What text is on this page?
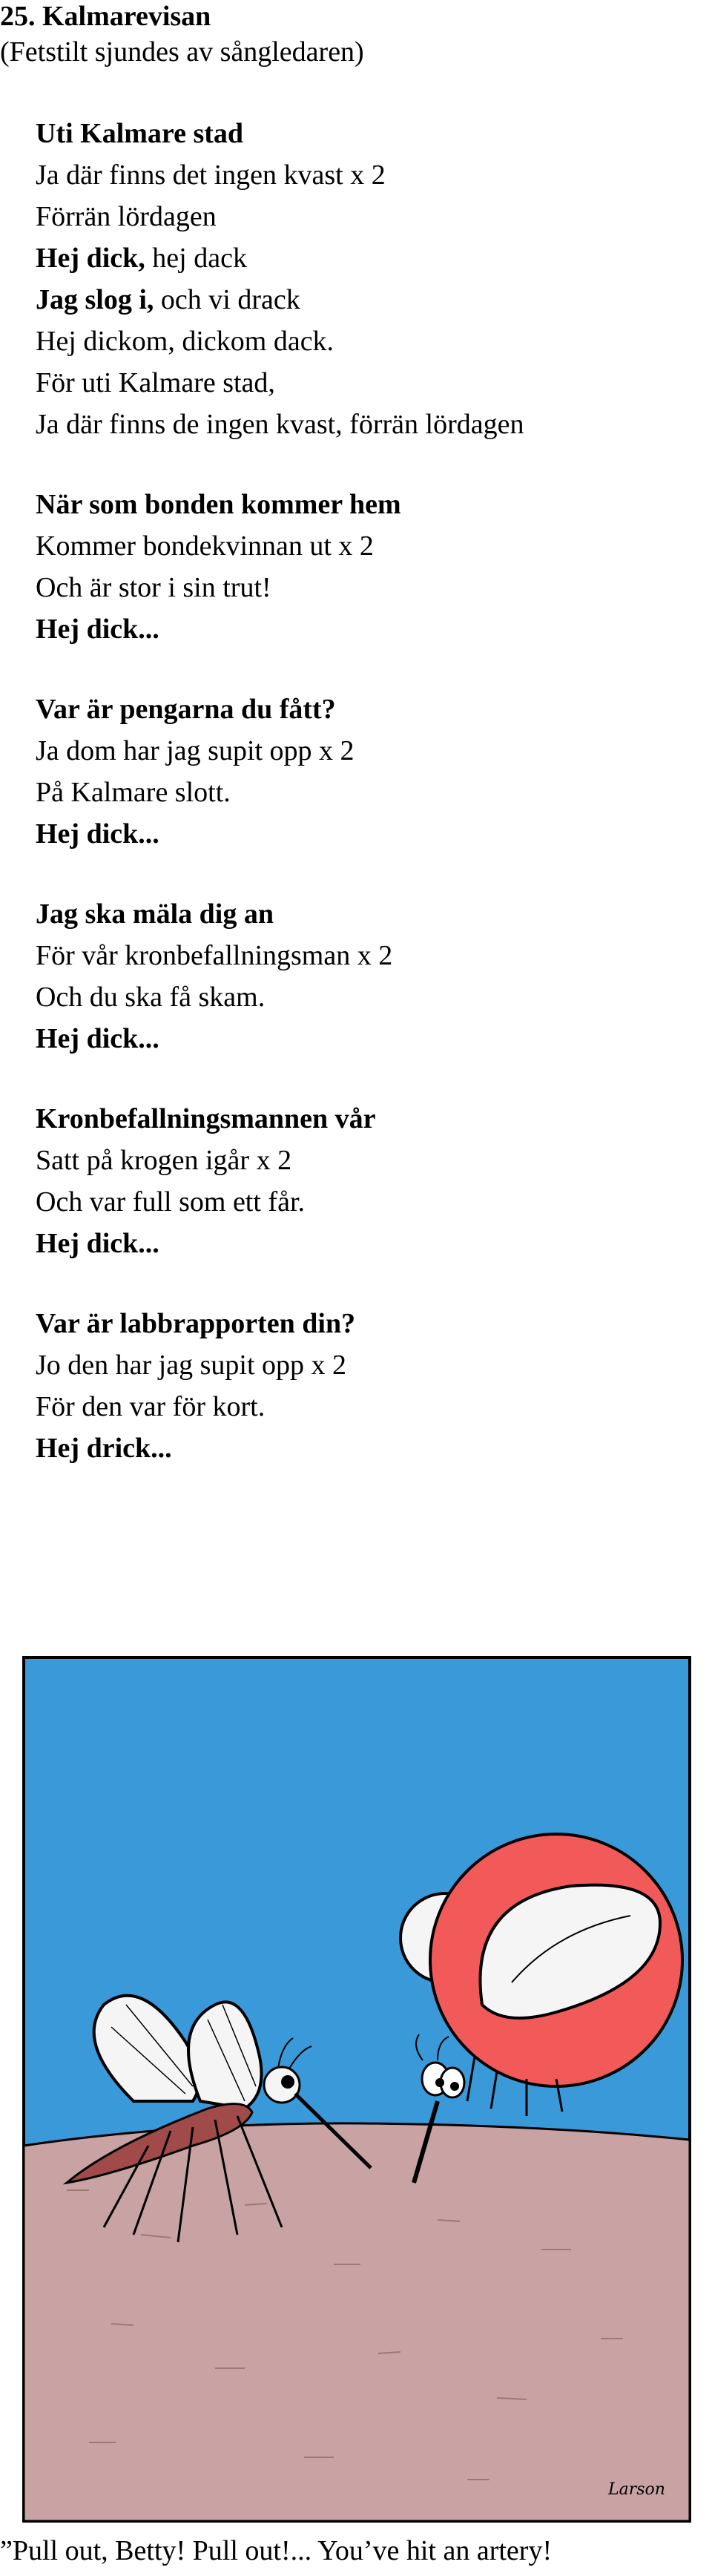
25. Kalmarevisan
(Fetstilt sjundes av sångledaren)
Uti Kalmare stad
Ja där finns det ingen kvast x 2
Förrän lördagen
Hej dick, hej dack
Jag slog i, och vi drack
Hej dickom, dickom dack.
För uti Kalmare stad,
Ja där finns de ingen kvast, förrän lördagen
När som bonden kommer hem
Kommer bondekvinnan ut x 2
Och är stor i sin trut!
Hej dick...
Var är pengarna du fått?
Ja dom har jag supit opp x 2
På Kalmare slott.
Hej dick...
Jag ska mäla dig an
För vår kronbefallningsman x 2
Och du ska få skam.
Hej dick...
Kronbefallningsmannen vår
Satt på krogen igår x 2
Och var full som ett får.
Hej dick...
Var är labbrapporten din?
Jo den har jag supit opp x 2
För den var för kort.
Hej drick...
Larson
”Pull out, Betty! Pull out!... You’ve hit an artery!
